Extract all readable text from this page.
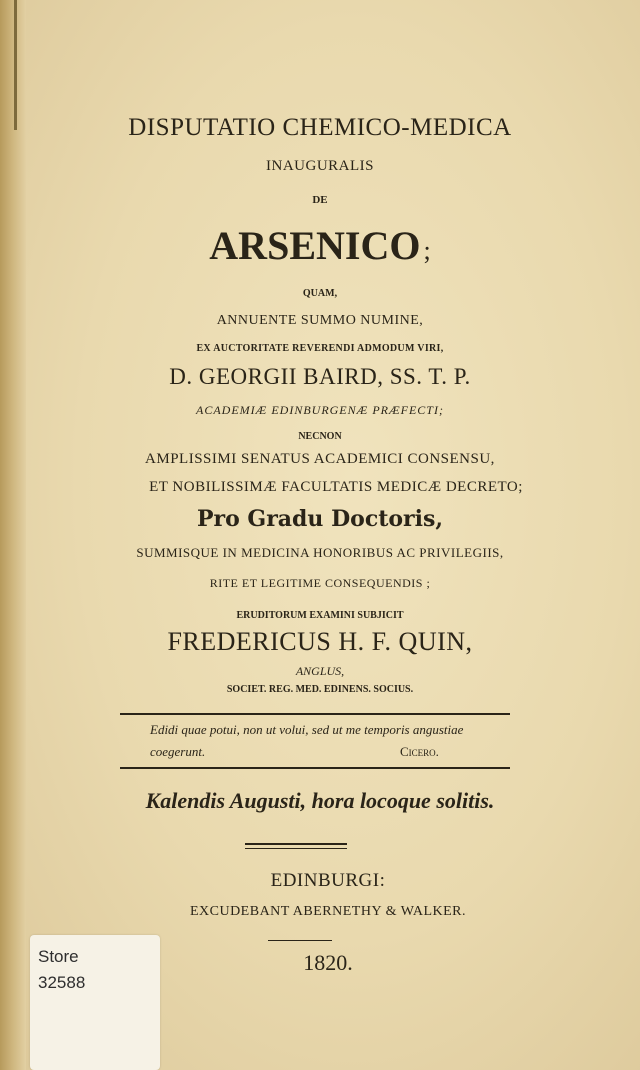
DISPUTATIO CHEMICO-MEDICA
INAUGURALIS
DE
ARSENICO ;
QUAM,
ANNUENTE SUMMO NUMINE,
EX AUCTORITATE REVERENDI ADMODUM VIRI,
D. GEORGII BAIRD, SS. T. P.
ACADEMIÆ EDINBURGENÆ PRÆFECTI;
NECNON
AMPLISSIMI SENATUS ACADEMICI CONSENSU,
ET NOBILISSIMÆ FACULTATIS MEDICÆ DECRETO;
Pro Gradu Doctoris,
SUMMISQUE IN MEDICINA HONORIBUS AC PRIVILEGIIS,
RITE ET LEGITIME CONSEQUENDIS ;
ERUDITORUM EXAMINI SUBJICIT
FREDERICUS H. F. QUIN,
ANGLUS,
SOCIET. REG. MED. EDINENS. SOCIUS.
Edidi quae potui, non ut volui, sed ut me temporis angustiae
coegerunt.	Cicero.
Kalendis Augusti, hora locoque solitis.
EDINBURGI:
EXCUDEBANT ABERNETHY & WALKER.
1820.
Store
32588
